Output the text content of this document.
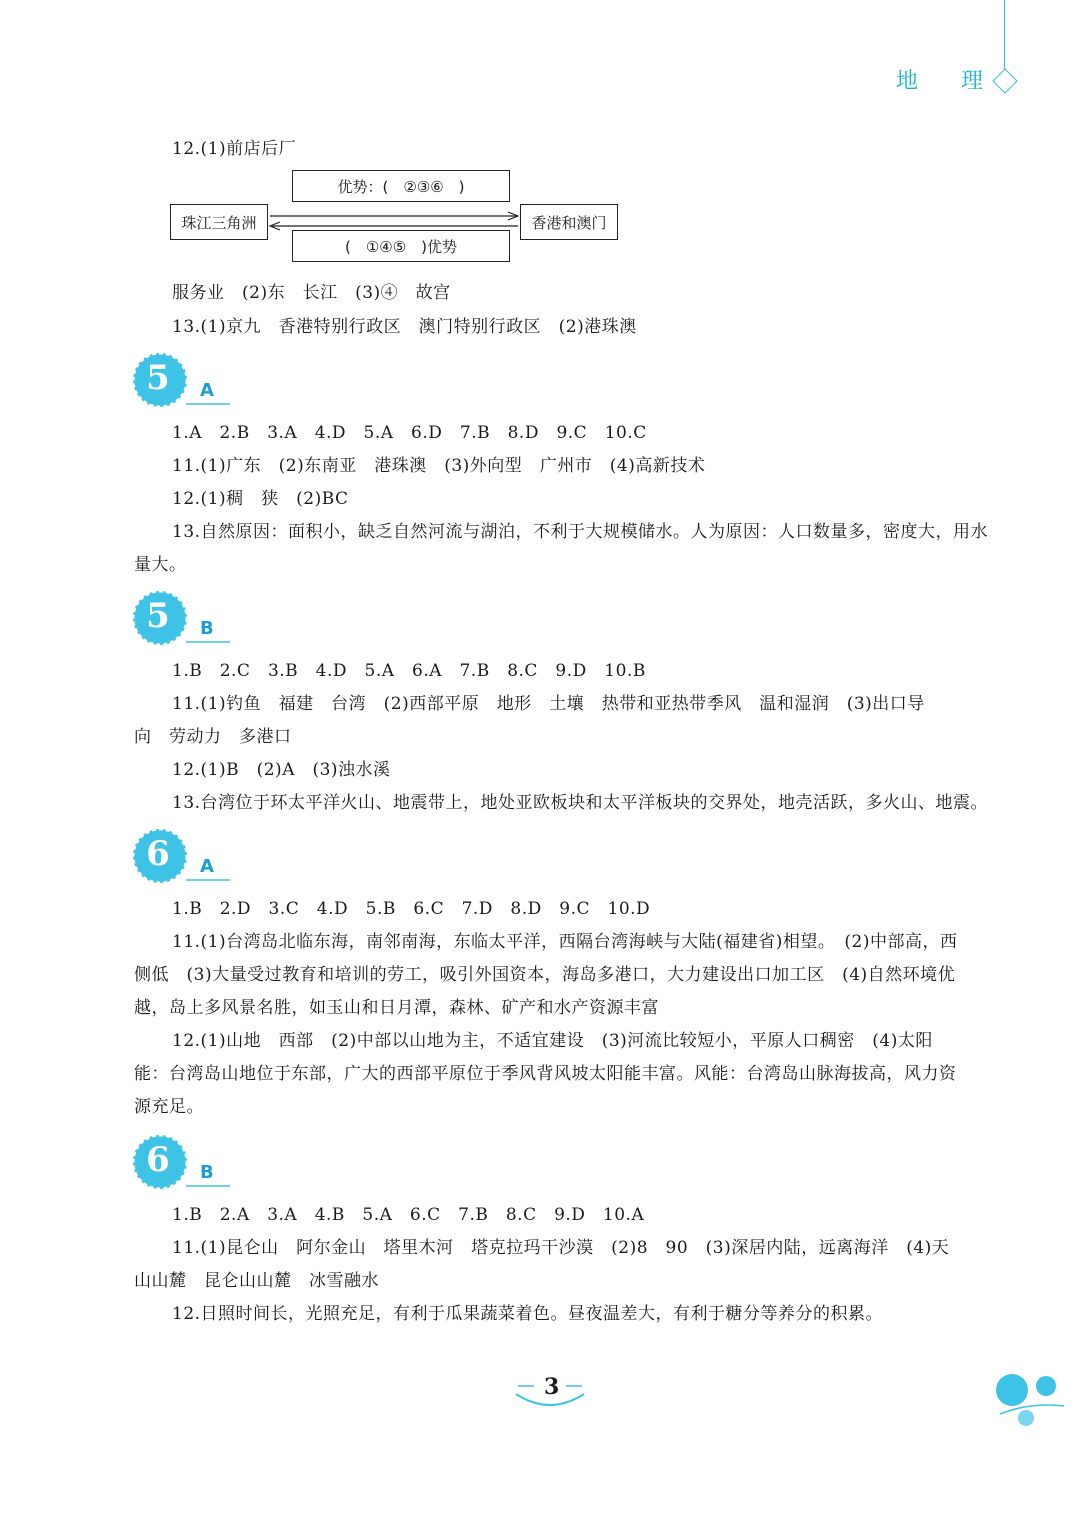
地 理
12.(1)前店后厂
优势：(　②③⑥　)
珠江三角洲	香港和澳门
(　①④⑤　)优势
服务业　(2)东　长江　(3)④　故宫
13.(1)京九　香港特别行政区　澳门特别行政区　(2)港珠澳
5	A
1.A　2.B　3.A　4.D　5.A　6.D　7.B　8.D　9.C　10.C
11.(1)广东　(2)东南亚　港珠澳　(3)外向型　广州市　(4)高新技术
12.(1)稠　狭　(2)BC
13.自然原因：面积小，缺乏自然河流与湖泊，不利于大规模储水。人为原因：人口数量多，密度大，用水
量大。
5	B
1.B　2.C　3.B　4.D　5.A　6.A　7.B　8.C　9.D　10.B
11.(1)钓鱼　福建　台湾　(2)西部平原　地形　土壤　热带和亚热带季风　温和湿润　(3)出口导
向　劳动力　多港口
12.(1)B　(2)A　(3)浊水溪
13.台湾位于环太平洋火山、地震带上，地处亚欧板块和太平洋板块的交界处，地壳活跃，多火山、地震。
6	A
1.B　2.D　3.C　4.D　5.B　6.C　7.D　8.D　9.C　10.D
11.(1)台湾岛北临东海，南邻南海，东临太平洋，西隔台湾海峡与大陆(福建省)相望。　(2)中部高，西
侧低　(3)大量受过教育和培训的劳工，吸引外国资本，海岛多港口，大力建设出口加工区　(4)自然环境优
越，岛上多风景名胜，如玉山和日月潭，森林、矿产和水产资源丰富
12.(1)山地　西部　(2)中部以山地为主，不适宜建设　(3)河流比较短小，平原人口稠密　(4)太阳
能：台湾岛山地位于东部，广大的西部平原位于季风背风坡太阳能丰富。风能：台湾岛山脉海拔高，风力资
源充足。
6	B
1.B　2.A　3.A　4.B　5.A　6.C　7.B　8.C　9.D　10.A
11.(1)昆仑山　阿尔金山　塔里木河　塔克拉玛干沙漠　(2)8　90　(3)深居内陆，远离海洋　(4)天
山山麓　昆仑山山麓　冰雪融水
12.日照时间长，光照充足，有利于瓜果蔬菜着色。昼夜温差大，有利于糖分等养分的积累。
3
